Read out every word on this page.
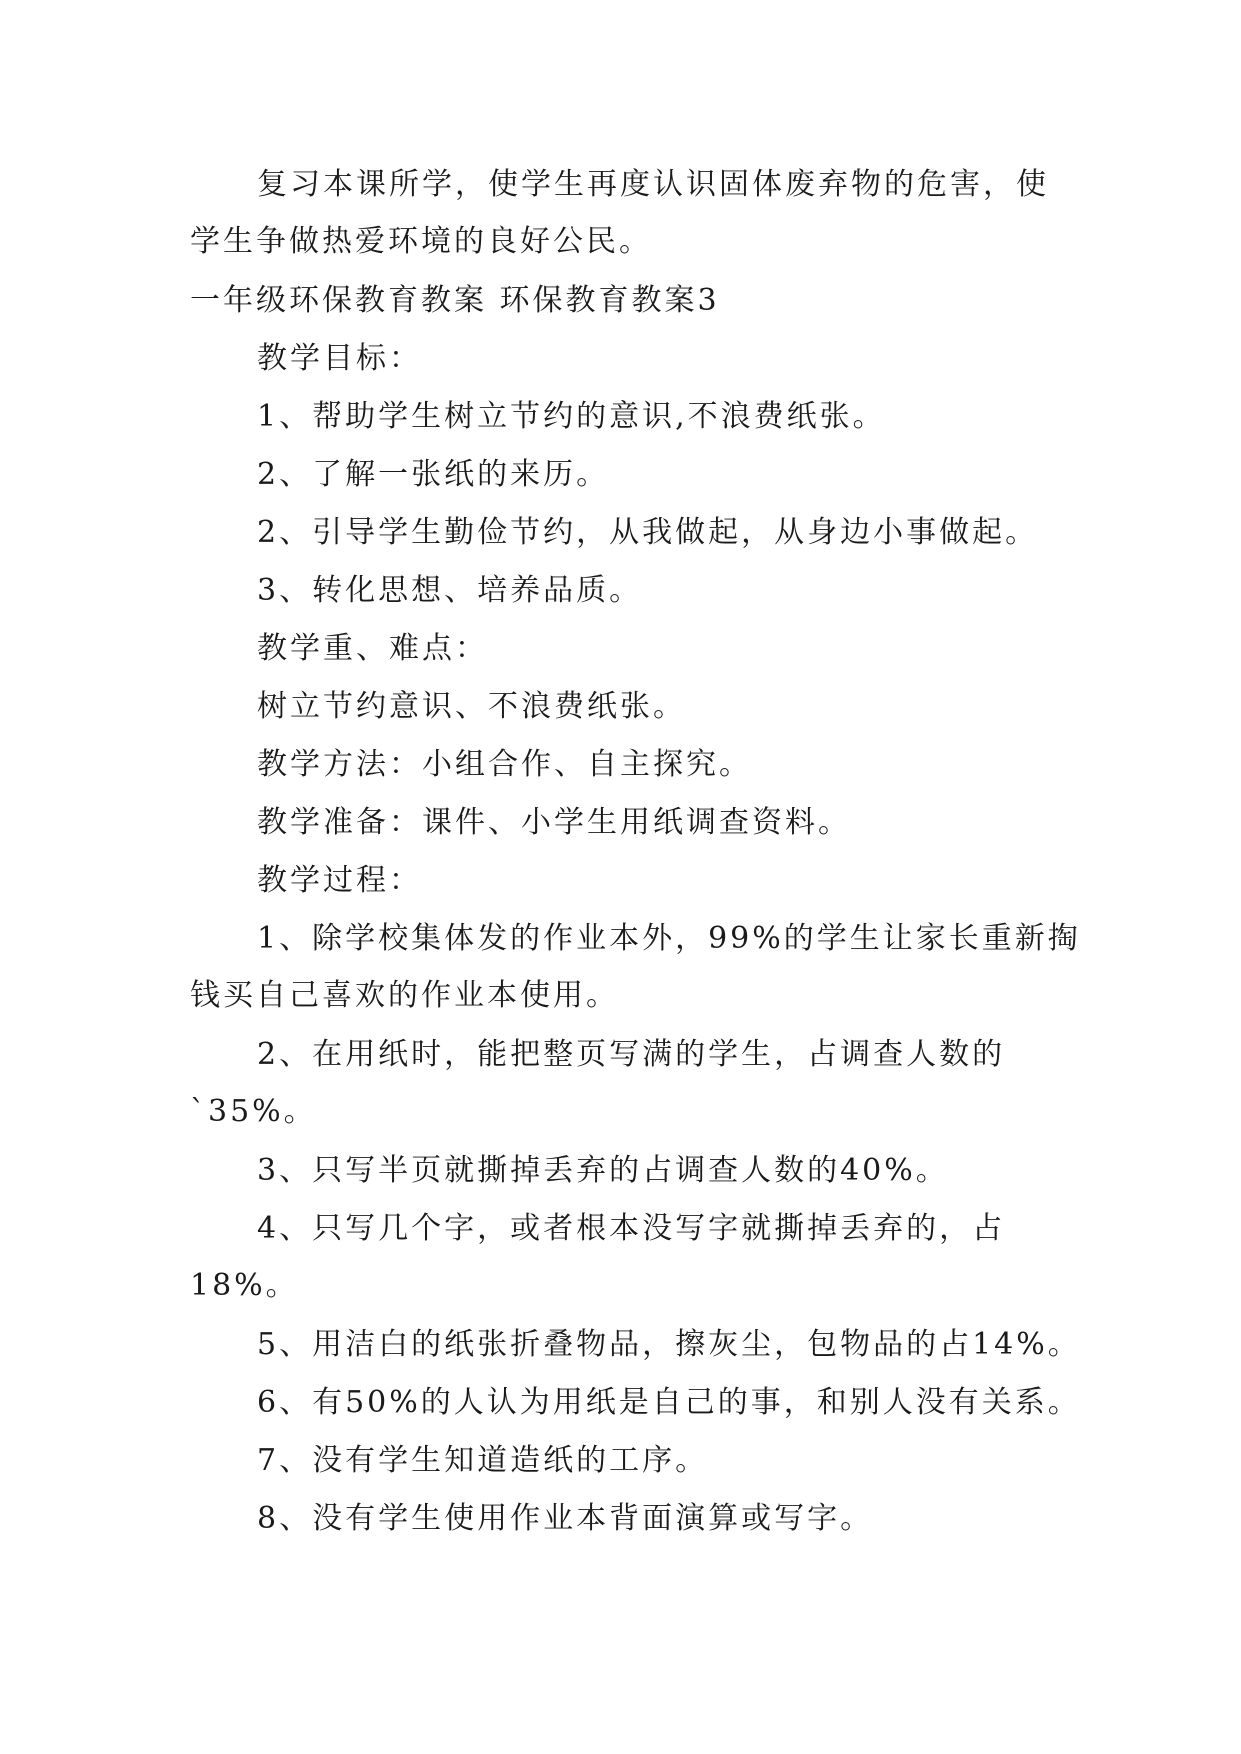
复习本课所学，使学生再度认识固体废弃物的危害，使
学生争做热爱环境的良好公民。
一年级环保教育教案 环保教育教案3
教学目标：
1、帮助学生树立节约的意识,不浪费纸张。
2、了解一张纸的来历。
2、引导学生勤俭节约，从我做起，从身边小事做起。
3、转化思想、培养品质。
教学重、难点：
树立节约意识、不浪费纸张。
教学方法：小组合作、自主探究。
教学准备：课件、小学生用纸调查资料。
教学过程：
1、除学校集体发的作业本外，99%的学生让家长重新掏
钱买自己喜欢的作业本使用。
2、在用纸时，能把整页写满的学生，占调查人数的
`35%。
3、只写半页就撕掉丢弃的占调查人数的40%。
4、只写几个字，或者根本没写字就撕掉丢弃的，占
18%。
5、用洁白的纸张折叠物品，擦灰尘，包物品的占14%。
6、有50%的人认为用纸是自己的事，和别人没有关系。
7、没有学生知道造纸的工序。
8、没有学生使用作业本背面演算或写字。
